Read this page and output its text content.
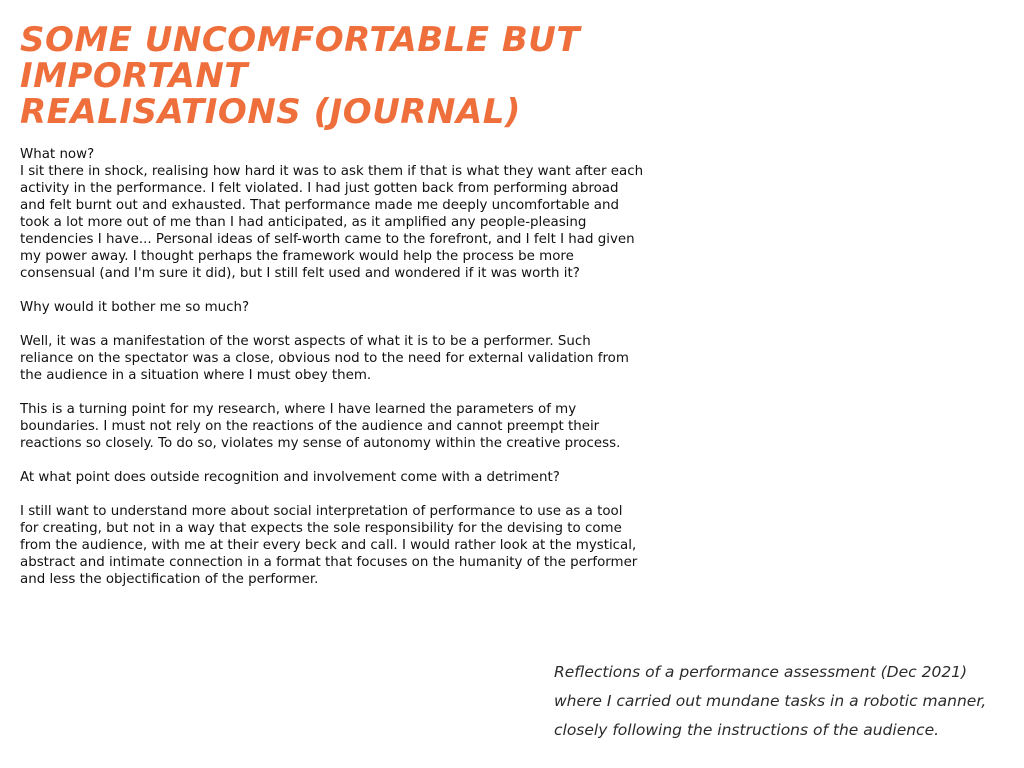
SOME UNCOMFORTABLE BUT IMPORTANT
REALISATIONS (JOURNAL)

What now?
I sit there in shock, realising how hard it was to ask them if that is what they want after each activity in the performance. I felt violated. I had just gotten back from performing abroad and felt burnt out and exhausted. That performance made me deeply uncomfortable and took a lot more out of me than I had anticipated, as it amplified any people-pleasing tendencies I have... Personal ideas of self-worth came to the forefront, and I felt I had given my power away. I thought perhaps the framework would help the process be more consensual (and I'm sure it did), but I still felt used and wondered if it was worth it?

Why would it bother me so much?

Well, it was a manifestation of the worst aspects of what it is to be a performer. Such reliance on the spectator was a close, obvious nod to the need for external validation from the audience in a situation where I must obey them.

This is a turning point for my research, where I have learned the parameters of my boundaries. I must not rely on the reactions of the audience and cannot preempt their reactions so closely. To do so, violates my sense of autonomy within the creative process.

At what point does outside recognition and involvement come with a detriment?

I still want to understand more about social interpretation of performance to use as a tool for creating, but not in a way that expects the sole responsibility for the devising to come from the audience, with me at their every beck and call. I would rather look at the mystical, abstract and intimate connection in a format that focuses on the humanity of the performer and less the objectification of the performer.

Reflections of a performance assessment (Dec 2021)
where I carried out mundane tasks in a robotic manner,
closely following the instructions of the audience.
